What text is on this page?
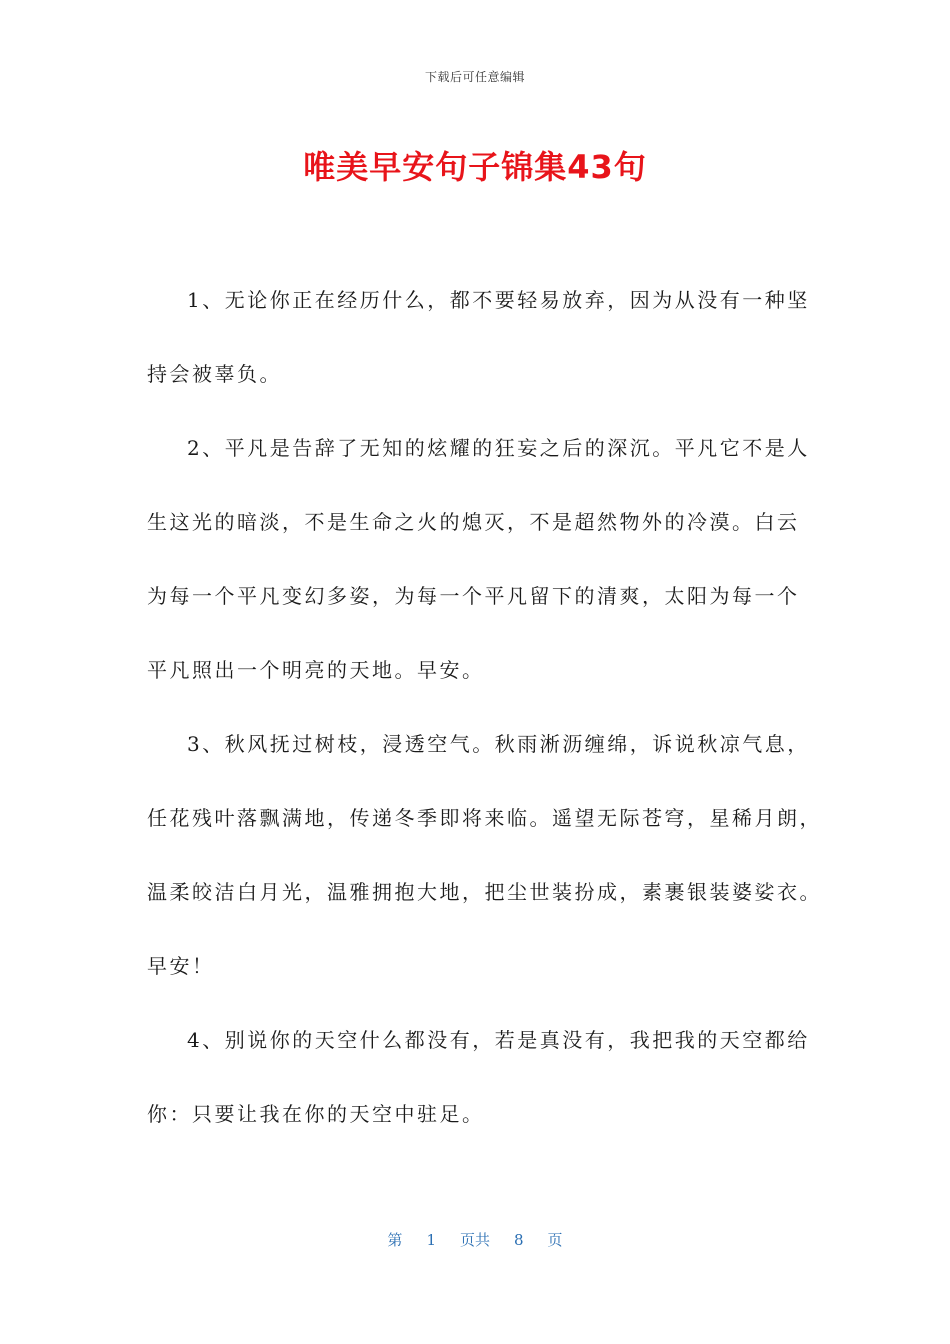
下载后可任意编辑
唯美早安句子锦集43句
1、无论你正在经历什么，都不要轻易放弃，因为从没有一种坚
持会被辜负。
2、平凡是告辞了无知的炫耀的狂妄之后的深沉。平凡它不是人
生这光的暗淡，不是生命之火的熄灭，不是超然物外的冷漠。白云
为每一个平凡变幻多姿，为每一个平凡留下的清爽，太阳为每一个
平凡照出一个明亮的天地。早安。
3、秋风抚过树枝，浸透空气。秋雨淅沥缠绵，诉说秋凉气息，
任花残叶落飘满地，传递冬季即将来临。遥望无际苍穹，星稀月朗，
温柔皎洁白月光，温雅拥抱大地，把尘世装扮成，素裹银装婆娑衣。
早安！
4、别说你的天空什么都没有，若是真没有，我把我的天空都给
你：只要让我在你的天空中驻足。
第 1 页共 8 页
